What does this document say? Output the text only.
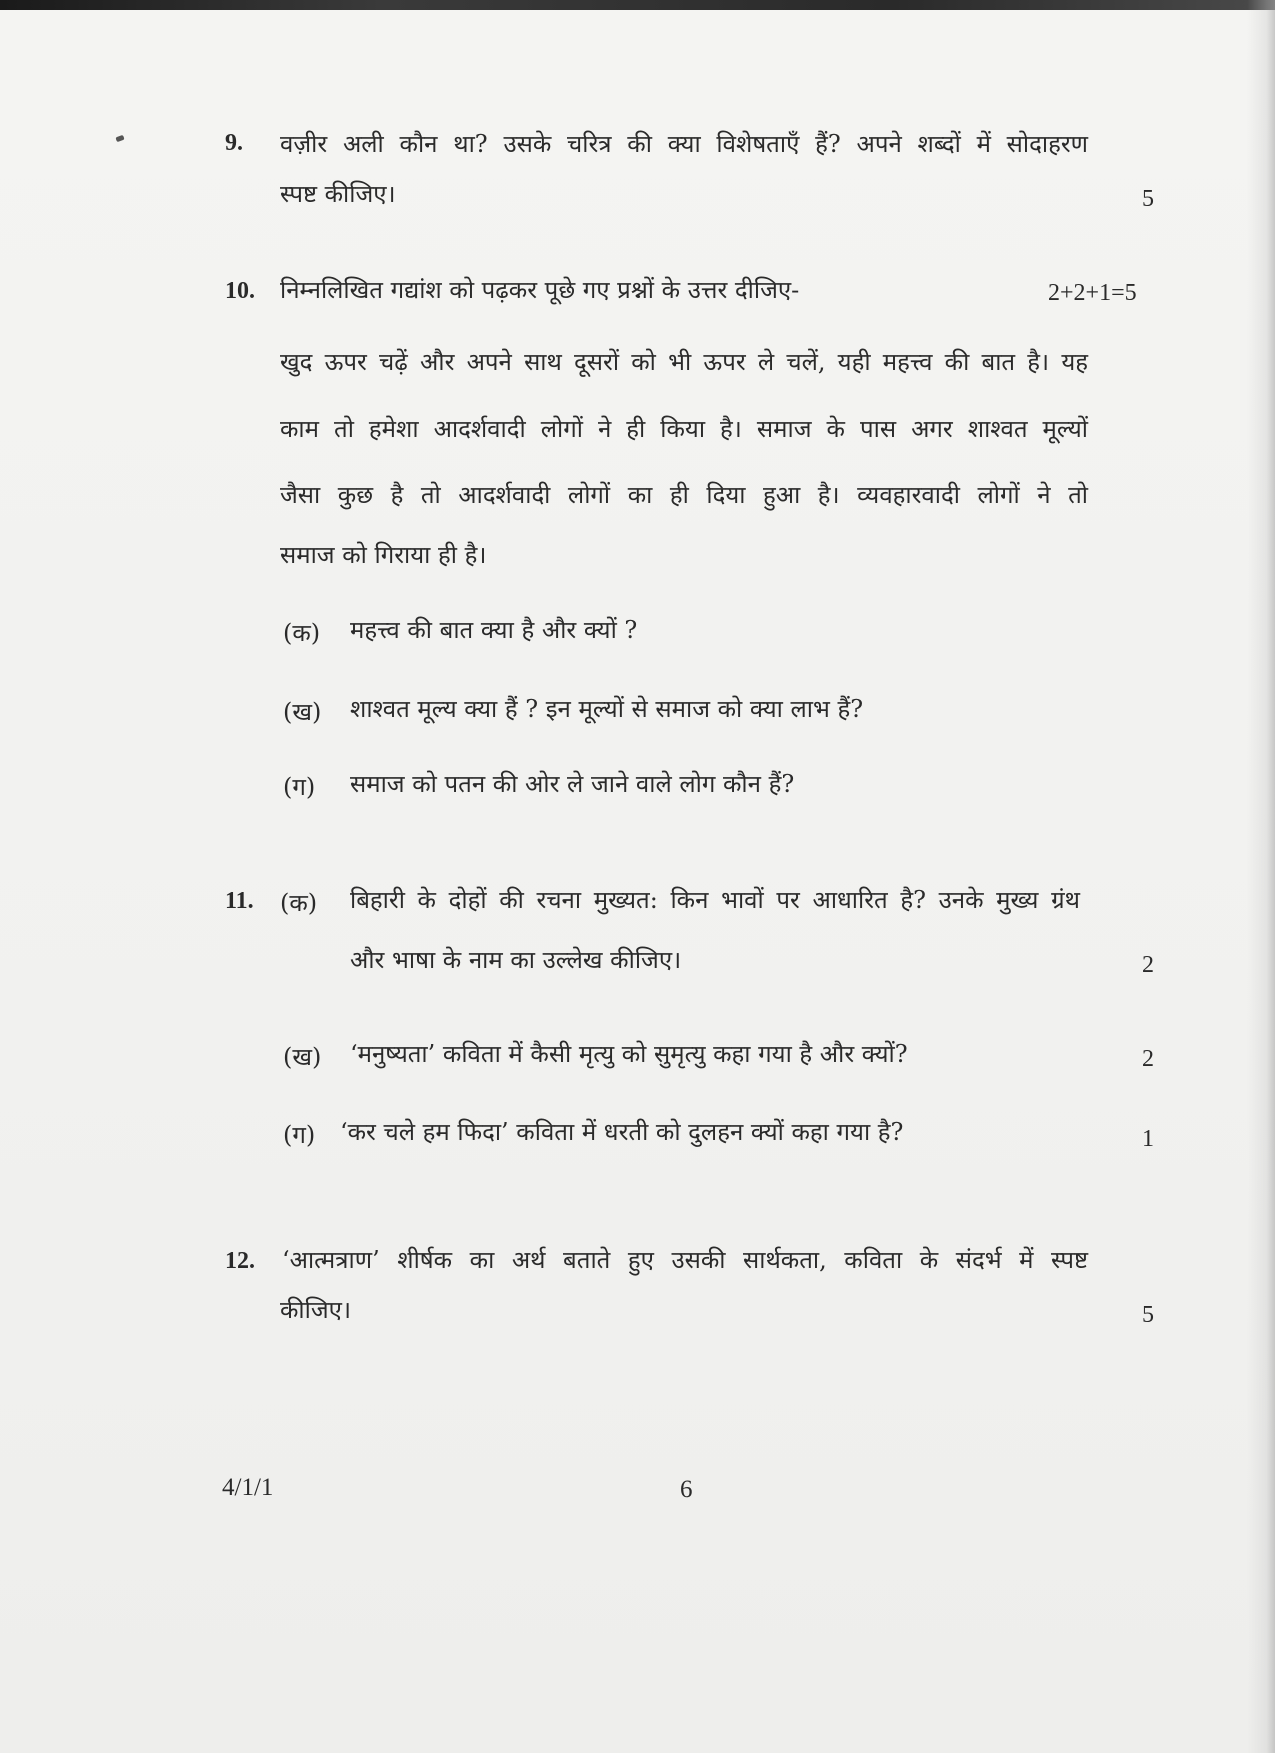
9. वज़ीर अली कौन था? उसके चरित्र की क्या विशेषताएँ हैं? अपने शब्दों में सोदाहरण
स्पष्ट कीजिए।	5
10. निम्नलिखित गद्यांश को पढ़कर पूछे गए प्रश्नों के उत्तर दीजिए-	2+2+1=5
खुद ऊपर चढ़ें और अपने साथ दूसरों को भी ऊपर ले चलें, यही महत्त्व की बात है। यह
काम तो हमेशा आदर्शवादी लोगों ने ही किया है। समाज के पास अगर शाश्वत मूल्यों
जैसा कुछ है तो आदर्शवादी लोगों का ही दिया हुआ है। व्यवहारवादी लोगों ने तो
समाज को गिराया ही है।
(क) महत्त्व की बात क्या है और क्यों ?
(ख) शाश्वत मूल्य क्या हैं ? इन मूल्यों से समाज को क्या लाभ हैं?
(ग) समाज को पतन की ओर ले जाने वाले लोग कौन हैं?
11. (क) बिहारी के दोहों की रचना मुख्यत: किन भावों पर आधारित है? उनके मुख्य ग्रंथ
और भाषा के नाम का उल्लेख कीजिए।	2
(ख) ‘मनुष्यता’ कविता में कैसी मृत्यु को सुमृत्यु कहा गया है और क्यों?	2
(ग) ‘कर चले हम फिदा’ कविता में धरती को दुलहन क्यों कहा गया है?	1
12. ‘आत्मत्राण’ शीर्षक का अर्थ बताते हुए उसकी सार्थकता, कविता के संदर्भ में स्पष्ट
कीजिए।	5
4/1/1	6
